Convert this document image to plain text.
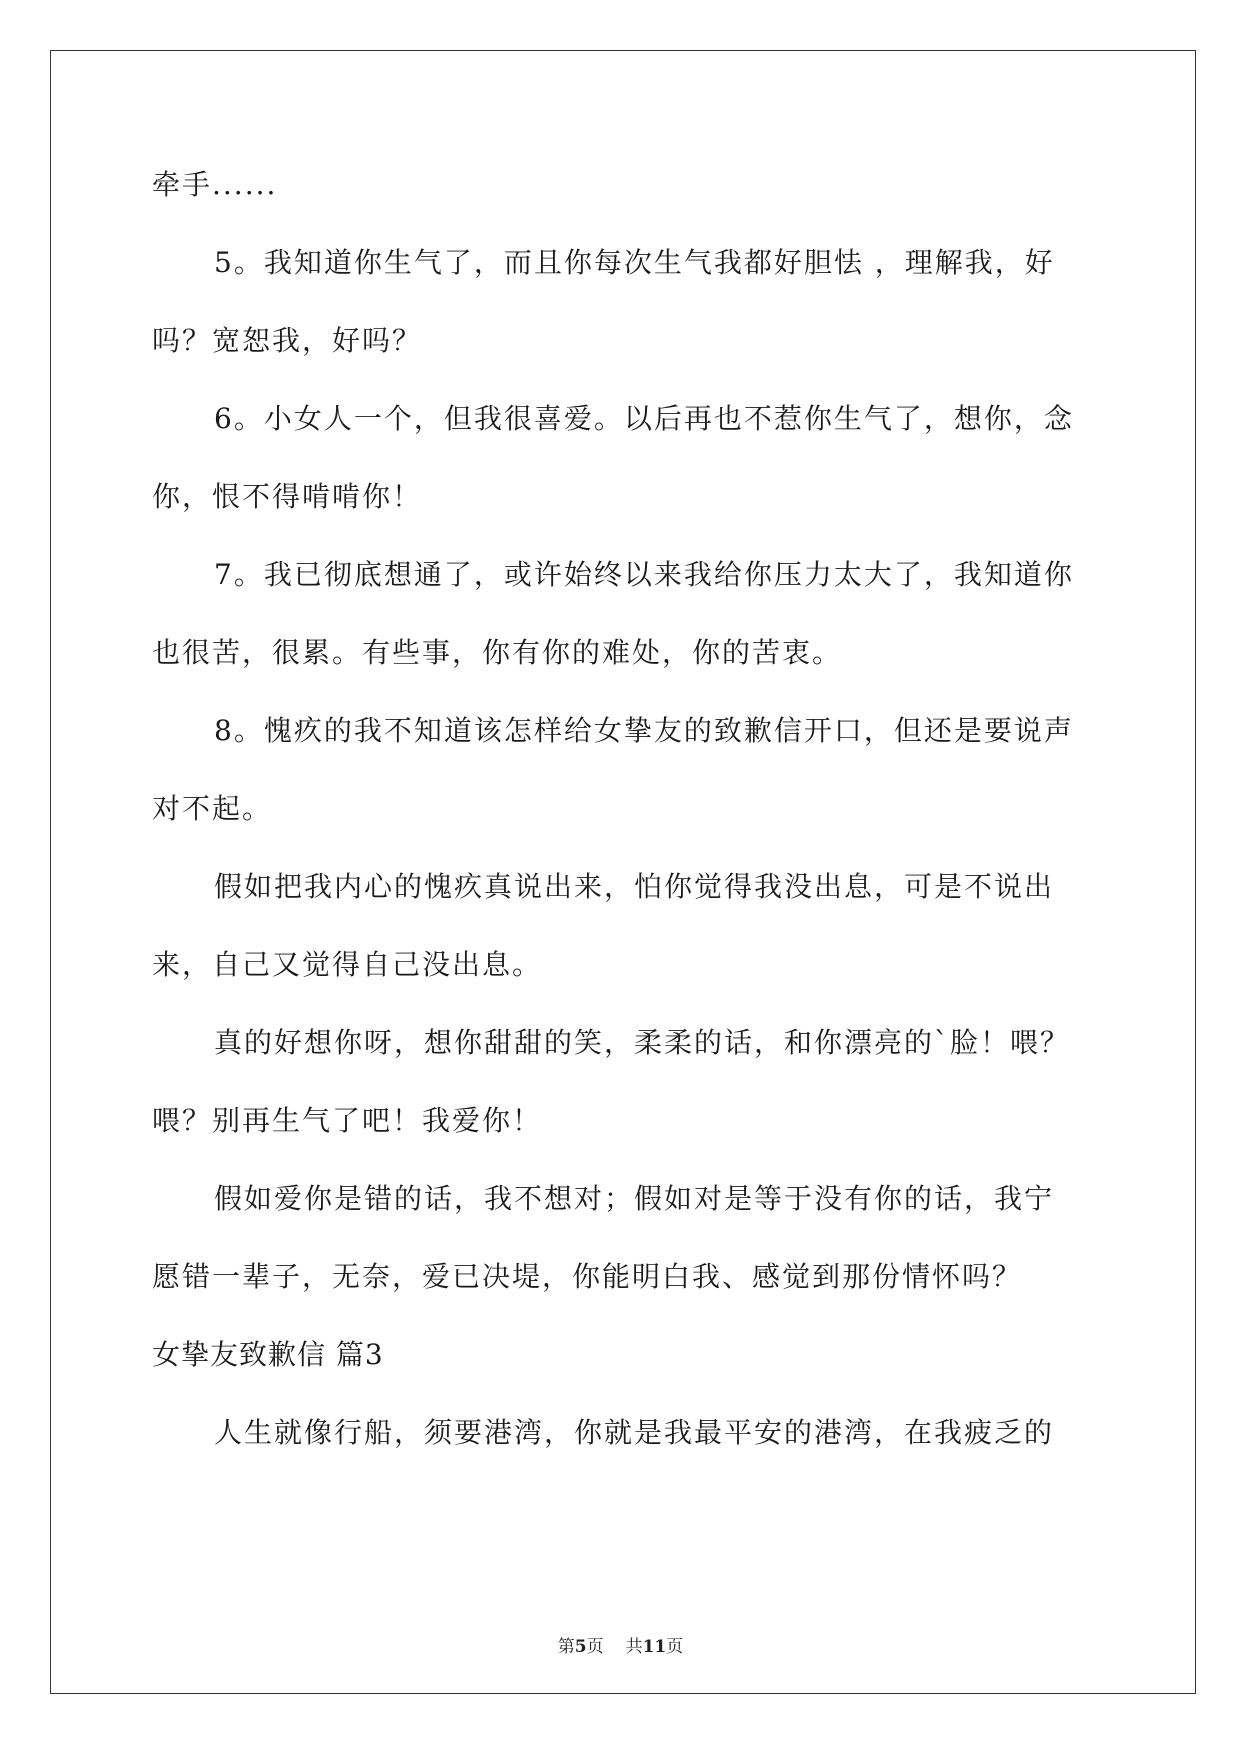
牵手......
5。我知道你生气了，而且你每次生气我都好胆怯 ，理解我，好
吗？宽恕我，好吗？
6。小女人一个，但我很喜爱。以后再也不惹你生气了，想你，念
你，恨不得啃啃你！
7。我已彻底想通了，或许始终以来我给你压力太大了，我知道你
也很苦，很累。有些事，你有你的难处，你的苦衷。
8。愧疚的我不知道该怎样给女挚友的致歉信开口，但还是要说声
对不起。
假如把我内心的愧疚真说出来，怕你觉得我没出息，可是不说出
来，自己又觉得自己没出息。
真的好想你呀，想你甜甜的笑，柔柔的话，和你漂亮的`脸！喂？
喂？别再生气了吧！我爱你！
假如爱你是错的话，我不想对；假如对是等于没有你的话，我宁
愿错一辈子，无奈，爱已决堤，你能明白我、感觉到那份情怀吗？
女挚友致歉信 篇3
人生就像行船，须要港湾，你就是我最平安的港湾，在我疲乏的
第5页 共11页
